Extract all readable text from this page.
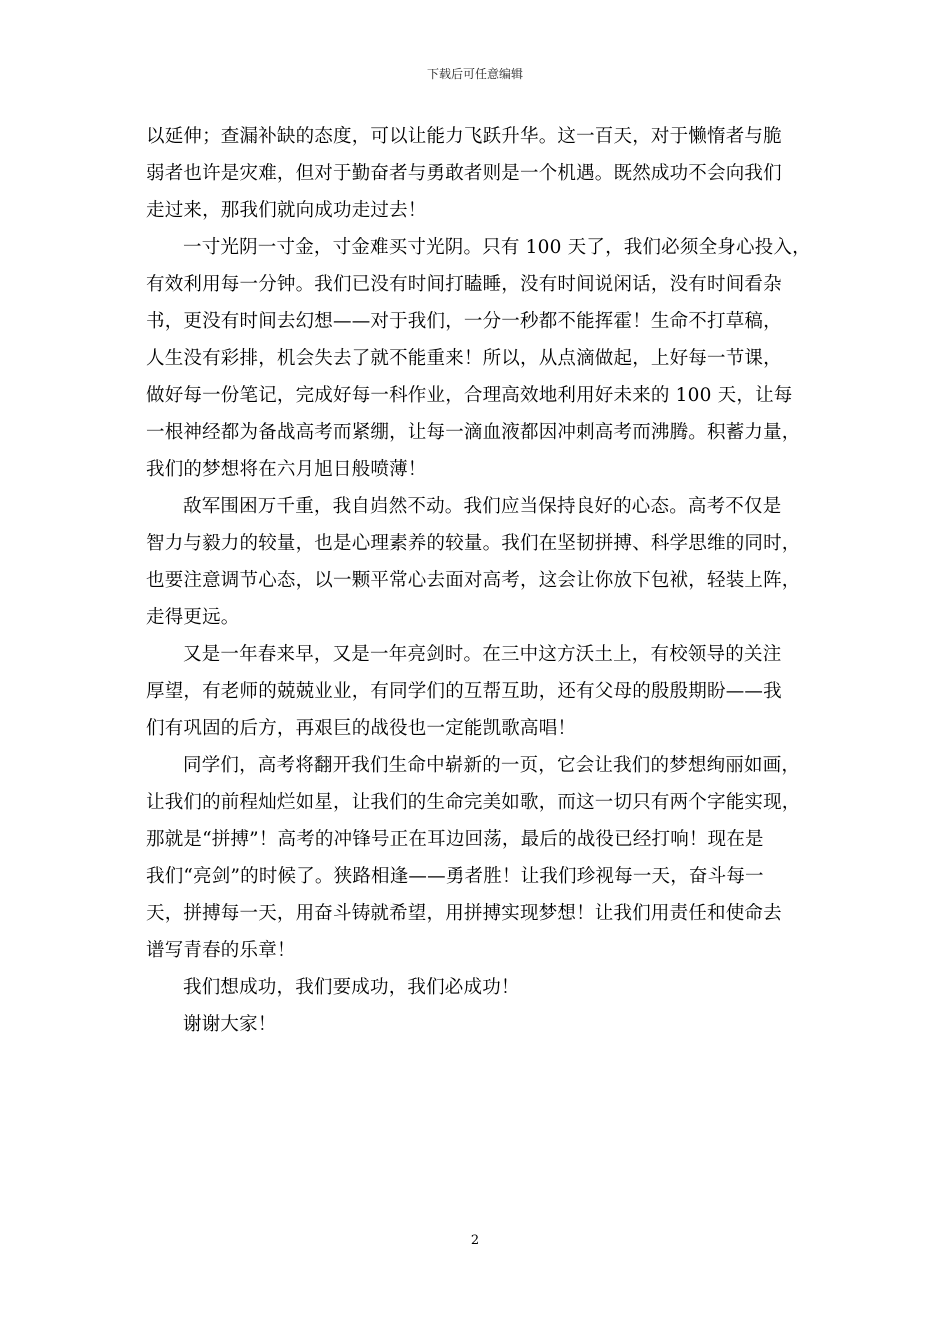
下载后可任意编辑
以延伸；查漏补缺的态度，可以让能力飞跃升华。这一百天，对于懒惰者与脆
弱者也许是灾难，但对于勤奋者与勇敢者则是一个机遇。既然成功不会向我们
走过来，那我们就向成功走过去！
一寸光阴一寸金，寸金难买寸光阴。只有 100 天了，我们必须全身心投入，
有效利用每一分钟。我们已没有时间打瞌睡，没有时间说闲话，没有时间看杂
书，更没有时间去幻想——对于我们，一分一秒都不能挥霍！生命不打草稿，
人生没有彩排，机会失去了就不能重来！所以，从点滴做起，上好每一节课，
做好每一份笔记，完成好每一科作业，合理高效地利用好未来的 100 天，让每
一根神经都为备战高考而紧绷，让每一滴血液都因冲刺高考而沸腾。积蓄力量，
我们的梦想将在六月旭日般喷薄！
敌军围困万千重，我自岿然不动。我们应当保持良好的心态。高考不仅是
智力与毅力的较量，也是心理素养的较量。我们在坚韧拼搏、科学思维的同时，
也要注意调节心态，以一颗平常心去面对高考，这会让你放下包袱，轻装上阵，
走得更远。
又是一年春来早，又是一年亮剑时。在三中这方沃土上，有校领导的关注
厚望，有老师的兢兢业业，有同学们的互帮互助，还有父母的殷殷期盼——我
们有巩固的后方，再艰巨的战役也一定能凯歌高唱！
同学们，高考将翻开我们生命中崭新的一页，它会让我们的梦想绚丽如画，
让我们的前程灿烂如星，让我们的生命完美如歌，而这一切只有两个字能实现，
那就是“拼搏”！高考的冲锋号正在耳边回荡，最后的战役已经打响！现在是
我们“亮剑”的时候了。狭路相逢——勇者胜！让我们珍视每一天，奋斗每一
天，拼搏每一天，用奋斗铸就希望，用拼搏实现梦想！让我们用责任和使命去
谱写青春的乐章！
我们想成功，我们要成功，我们必成功！
谢谢大家！
2
